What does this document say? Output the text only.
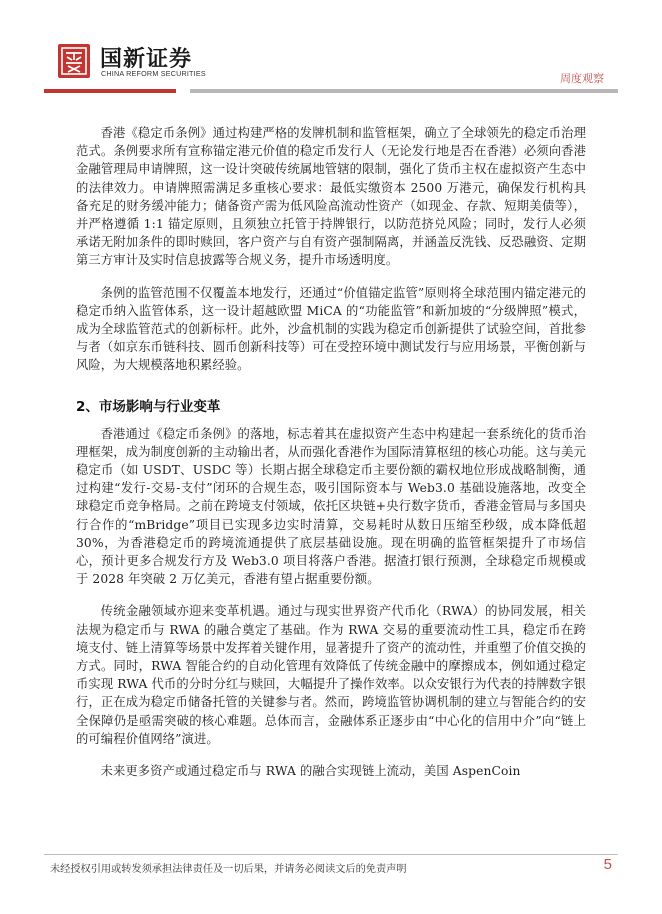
国新证券
CHINA REFORM SECURITIES	周度观察

香港《稳定币条例》通过构建严格的发牌机制和监管框架，确立了全球领先的稳定币治理范式。条例要求所有宣称锚定港元价值的稳定币发行人（无论发行地是否在香港）必须向香港金融管理局申请牌照，这一设计突破传统属地管辖的限制，强化了货币主权在虚拟资产生态中的法律效力。申请牌照需满足多重核心要求：最低实缴资本 2500 万港元，确保发行机构具备充足的财务缓冲能力；储备资产需为低风险高流动性资产（如现金、存款、短期美债等），并严格遵循 1:1 锚定原则，且须独立托管于持牌银行，以防范挤兑风险；同时，发行人必须承诺无附加条件的即时赎回，客户资产与自有资产强制隔离，并涵盖反洗钱、反恐融资、定期第三方审计及实时信息披露等合规义务，提升市场透明度。

条例的监管范围不仅覆盖本地发行，还通过“价值锚定监管”原则将全球范围内锚定港元的稳定币纳入监管体系，这一设计超越欧盟 MiCA 的“功能监管”和新加坡的“分级牌照”模式，成为全球监管范式的创新标杆。此外，沙盒机制的实践为稳定币创新提供了试验空间，首批参与者（如京东币链科技、圆币创新科技等）可在受控环境中测试发行与应用场景，平衡创新与风险，为大规模落地积累经验。

2、市场影响与行业变革

香港通过《稳定币条例》的落地，标志着其在虚拟资产生态中构建起一套系统化的货币治理框架，成为制度创新的主动输出者，从而强化香港作为国际清算枢纽的核心功能。这与美元稳定币（如 USDT、USDC 等）长期占据全球稳定币主要份额的霸权地位形成战略制衡，通过构建“发行-交易-支付”闭环的合规生态，吸引国际资本与 Web3.0 基础设施落地，改变全球稳定币竞争格局。之前在跨境支付领域，依托区块链+央行数字货币，香港金管局与多国央行合作的“mBridge”项目已实现多边实时清算，交易耗时从数日压缩至秒级，成本降低超 30%，为香港稳定币的跨境流通提供了底层基础设施。现在明确的监管框架提升了市场信心，预计更多合规发行方及 Web3.0 项目将落户香港。据渣打银行预测，全球稳定币规模或于 2028 年突破 2 万亿美元，香港有望占据重要份额。

传统金融领域亦迎来变革机遇。通过与现实世界资产代币化（RWA）的协同发展，相关法规为稳定币与 RWA 的融合奠定了基础。作为 RWA 交易的重要流动性工具，稳定币在跨境支付、链上清算等场景中发挥着关键作用，显著提升了资产的流动性，并重塑了价值交换的方式。同时，RWA 智能合约的自动化管理有效降低了传统金融中的摩擦成本，例如通过稳定币实现 RWA 代币的分时分红与赎回，大幅提升了操作效率。以众安银行为代表的持牌数字银行，正在成为稳定币储备托管的关键参与者。然而，跨境监管协调机制的建立与智能合约的安全保障仍是亟需突破的核心难题。总体而言，金融体系正逐步由“中心化的信用中介”向“链上的可编程价值网络”演进。

未来更多资产或通过稳定币与 RWA 的融合实现链上流动，美国 AspenCoin

未经授权引用或转发须承担法律责任及一切后果，并请务必阅读文后的免责声明	5
